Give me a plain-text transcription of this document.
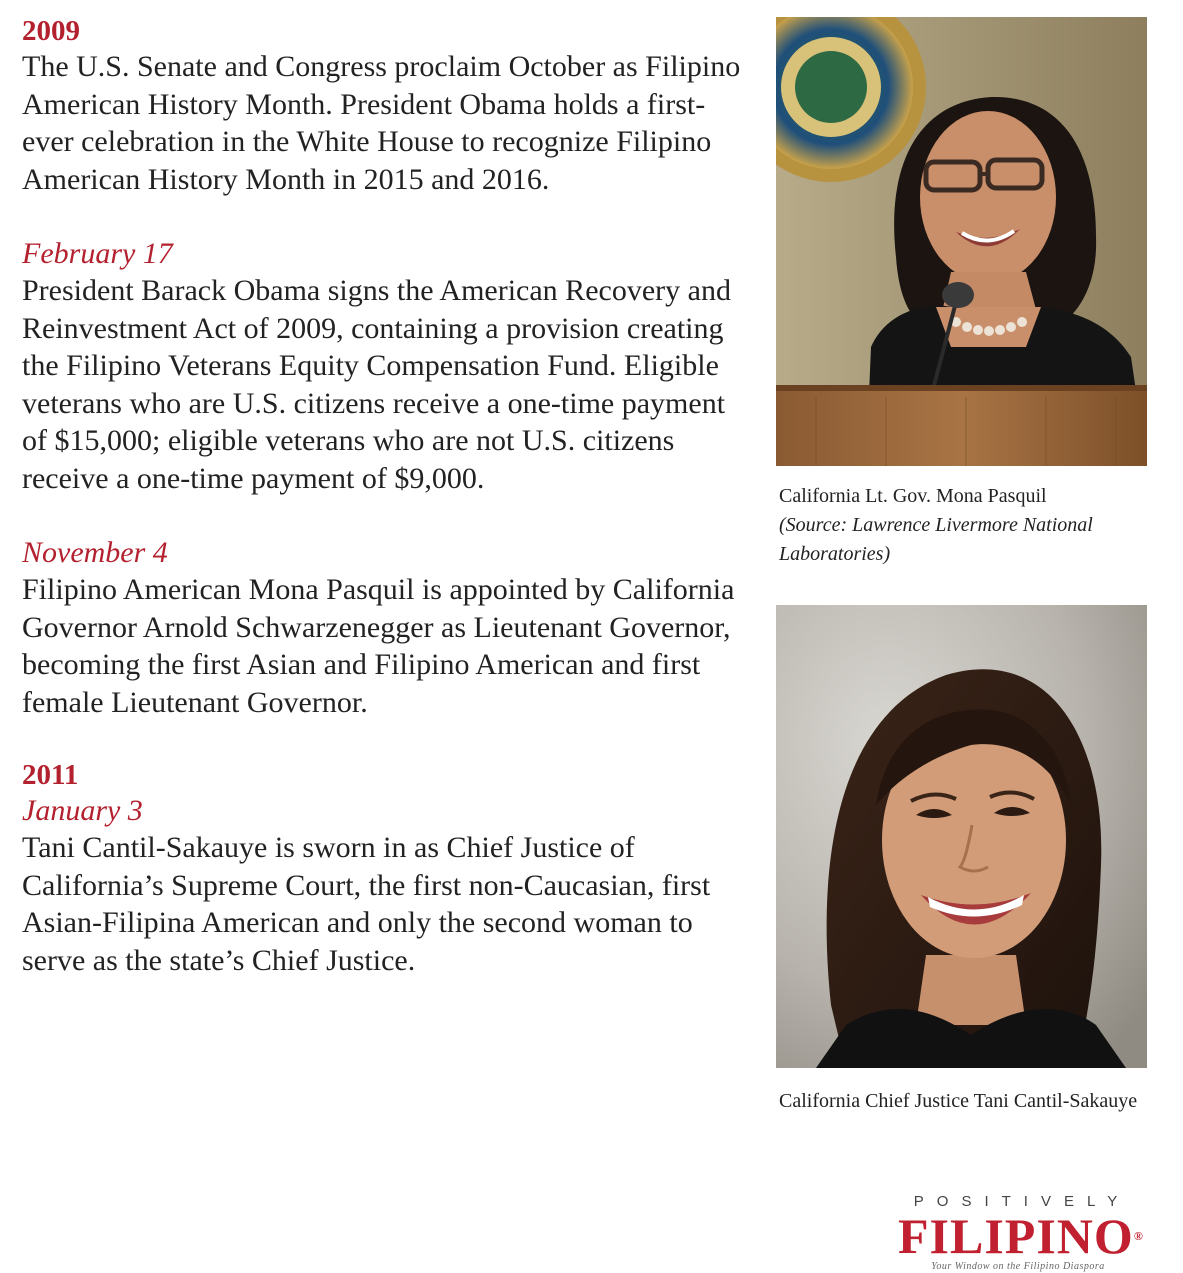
2009

The U.S. Senate and Congress proclaim October as Filipino American History Month. President Obama holds a first-ever celebration in the White House to recognize Filipino American History Month in 2015 and 2016.

February 17

President Barack Obama signs the American Recovery and Reinvestment Act of 2009, containing a provision creating the Filipino Veterans Equity Compensation Fund. Eligible veterans who are U.S. citizens receive a one-time payment of $15,000; eligible veterans who are not U.S. citizens receive a one-time payment of $9,000.

November 4

Filipino American Mona Pasquil is appointed by California Governor Arnold Schwarzenegger as Lieutenant Governor, becoming the first Asian and Filipino American and first female Lieutenant Governor.

2011

January 3

Tani Cantil-Sakauye is sworn in as Chief Justice of California’s Supreme Court, the first non-Caucasian, first Asian-Filipina American and only the second woman to serve as the state’s Chief Justice.

California Lt. Gov. Mona Pasquil
(Source: Lawrence Livermore National Laboratories)
California Chief Justice Tani Cantil-Sakauye
POSITIVELY
FILIPINO®
Your Window on the Filipino Diaspora
